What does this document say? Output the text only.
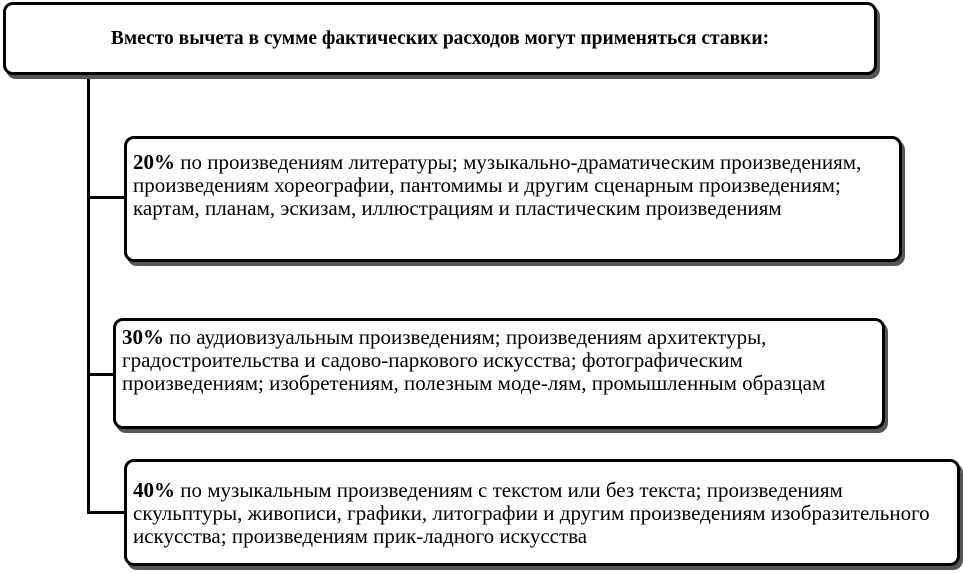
Вместо вычета в сумме фактических расходов могут применяться ставки:
20% по произведениям литературы; музыкально-драматическим произведениям, произведениям хореографии, пантомимы и другим сценарным произведениям; картам, планам, эскизам, иллюстрациям и пластическим произведениям
30% по аудиовизуальным произведениям; произведениям архитектуры, градостроительства и садово-паркового искусства; фотографическим произведениям; изобретениям, полезным моде-лям, промышленным образцам
40% по музыкальным произведениям с текстом или без текста; произведениям скульптуры, живописи, графики, литографии и другим произведениям изобразительного искусства; произведениям прик-ладного искусства
